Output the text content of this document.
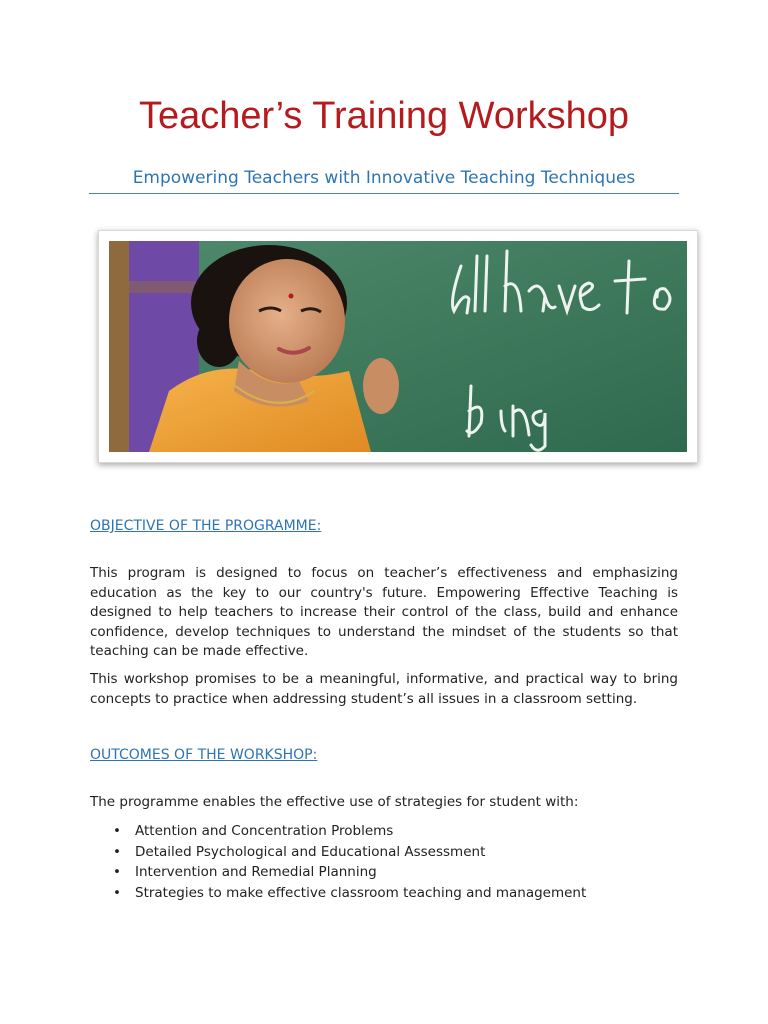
Teacher’s Training Workshop
Empowering Teachers with Innovative Teaching Techniques
OBJECTIVE OF THE PROGRAMME:

This program is designed to focus on teacher’s effectiveness and emphasizing education as the key to our country's future. Empowering Effective Teaching is designed to help teachers to increase their control of the class, build and enhance confidence, develop techniques to understand the mindset of the students so that teaching can be made effective.

This workshop promises to be a meaningful, informative, and practical way to bring concepts to practice when addressing student’s all issues in a classroom setting.

OUTCOMES OF THE WORKSHOP:
The programme enables the effective use of strategies for student with:
• Attention and Concentration Problems
• Detailed Psychological and Educational Assessment
• Intervention and Remedial Planning
• Strategies to make effective classroom teaching and management
